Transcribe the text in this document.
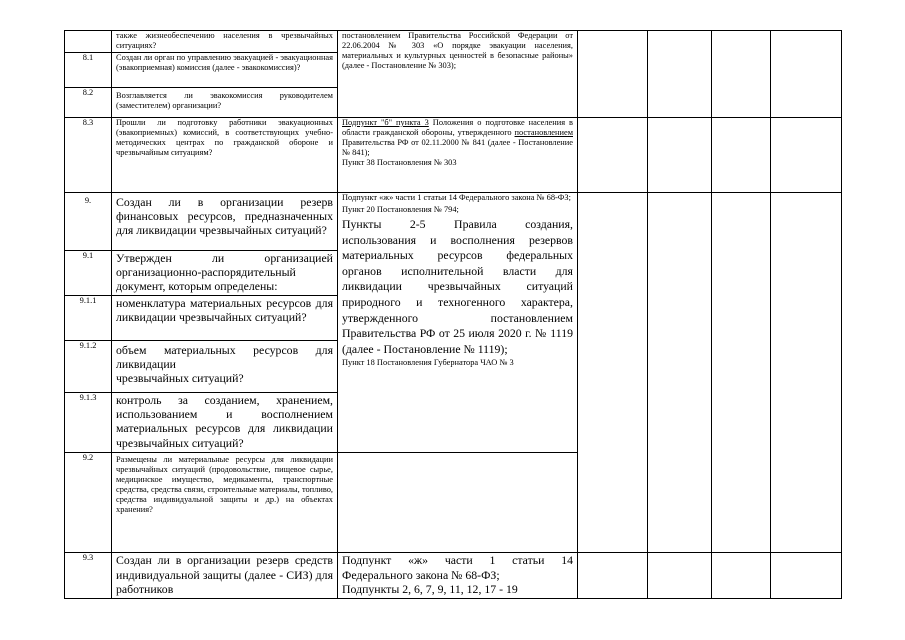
	также жизнеобеспечению населения в чрезвычайных ситуациях?	постановлением Правительства Российской Федерации от 22.06.2004 № 303 «О порядке эвакуации населения, материальных и культурных ценностей в безопасные районы» (далее - Постановление № 303);				

8.1	Создан ли орган по управлению эвакуацией - эвакуационная (эвакоприемная) комиссия (далее - эвакокомиссия)?					
8.2	Возглавляется ли эвакокомиссия руководителем (заместителем) организации?					
8.3	Прошли ли подготовку работники эвакуационных (эвакоприемных) комиссий, в соответствующих учебно-методических центрах по гражданской обороне и чрезвычайным ситуациям?	Подпункт "б" пункта 3 Положения о подготовке населения в области гражданской обороны, утвержденного постановлением Правительства РФ от 02.11.2000 № 841 (далее - Постановление № 841);

Пункт 38 Постановления № 303				

9.	Создан ли в организации резерв финансовых ресурсов, предназначенных для ликвидации чрезвычайных ситуаций?	Подпункт «ж» части 1 статьи 14 Федерального закона № 68-ФЗ;

Пункт 20 Постановления № 794;

Пункты 2-5 Правила создания, использования и восполнения резервов материальных ресурсов федеральных органов исполнительной власти для ликвидации чрезвычайных ситуаций природного и техногенного характера, утвержденного постановлением Правительства РФ от 25 июля 2020 г. № 1119 (далее - Постановление № 1119);

Пункт 18 Постановления Губернатора ЧАО № 3				

9.1	Утвержден ли организацией организационно-распорядительный документ, которым определены:					
9.1.1	номенклатура материальных ресурсов для ликвидации чрезвычайных ситуаций?					
9.1.2	объем материальных ресурсов для ликвидации

чрезвычайных ситуаций?					

9.1.3	контроль за созданием, хранением, использованием и восполнением материальных ресурсов для ликвидации чрезвычайных ситуаций?					
9.2	Размещены ли материальные ресурсы для ликвидации чрезвычайных ситуаций (продовольствие, пищевое сырье, медицинское имущество, медикаменты, транспортные средства, средства связи, строительные материалы, топливо, средства индивидуальной защиты и др.) на объектах хранения?					
9.3	Создан ли в организации резерв средств индивидуальной защиты (далее - СИЗ) для работников	Подпункт «ж» части 1 статьи 14 Федерального закона № 68-ФЗ;

Подпункты 2, 6, 7, 9, 11, 12, 17 - 19				
